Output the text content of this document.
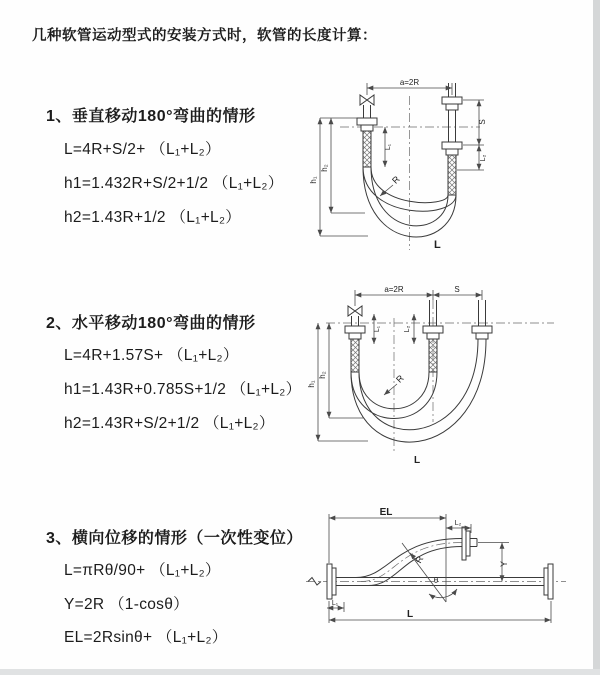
几种软管运动型式的安装方式时，软管的长度计算：
1、垂直移动180°弯曲的情形
L=4R+S/2+ （L₁+L₂）
h1=1.432R+S/2+1/2 （L₁+L₂）
h2=1.43R+1/2 （L₁+L₂）
2、水平移动180°弯曲的情形
L=4R+1.57S+ （L₁+L₂）
h1=1.43R+0.785S+1/2 （L₁+L₂）
h2=1.43R+S/2+1/2 （L₁+L₂）
3、横向位移的情形（一次性变位）
L=πRθ/90+ （L₁+L₂）
Y=2R （1-cosθ）
EL=2Rsinθ+ （L₁+L₂）
a=2R
h₁
h₂
L₁
S
L₂
R
L
a=2R	S
h₁
h₂
L₁	L₂
R
L
θ
EL
L₂
Y
R
L
L₁
